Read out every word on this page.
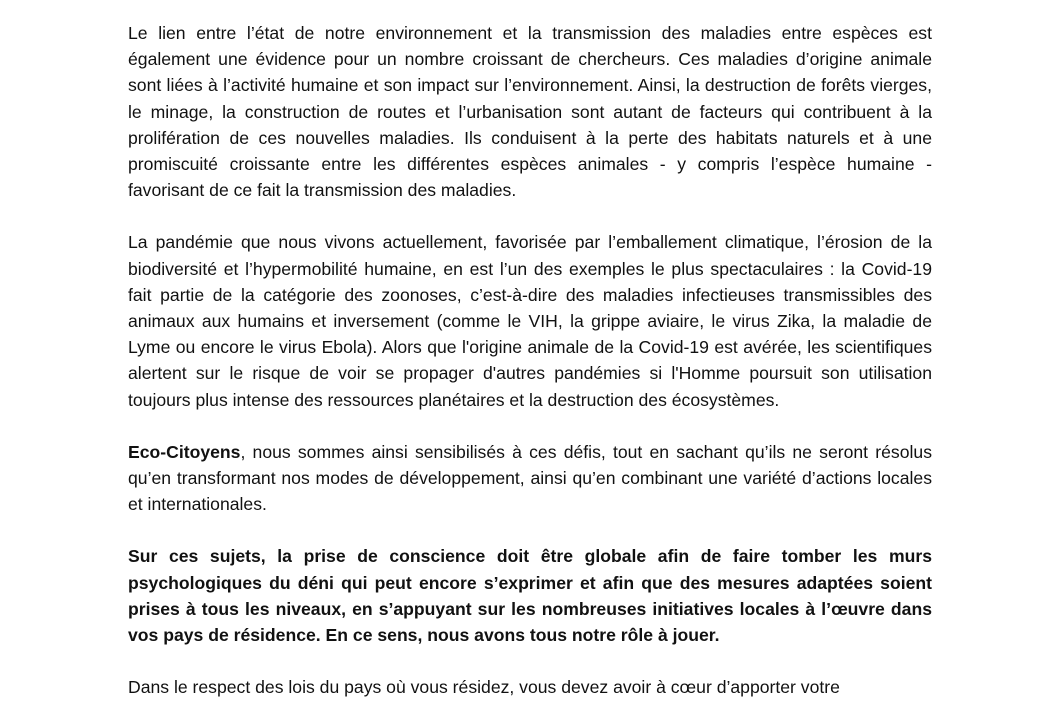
Le lien entre l’état de notre environnement et la transmission des maladies entre espèces est également une évidence pour un nombre croissant de chercheurs. Ces maladies d’origine animale sont liées à l’activité humaine et son impact sur l’environnement. Ainsi, la destruction de forêts vierges, le minage, la construction de routes et l’urbanisation sont autant de facteurs qui contribuent à la prolifération de ces nouvelles maladies. Ils conduisent à la perte des habitats naturels et à une promiscuité croissante entre les différentes espèces animales - y compris l’espèce humaine - favorisant de ce fait la transmission des maladies.

La pandémie que nous vivons actuellement, favorisée par l’emballement climatique, l’érosion de la biodiversité et l’hypermobilité humaine, en est l’un des exemples le plus spectaculaires : la Covid-19 fait partie de la catégorie des zoonoses, c’est-à-dire des maladies infectieuses transmissibles des animaux aux humains et inversement (comme le VIH, la grippe aviaire, le virus Zika, la maladie de Lyme ou encore le virus Ebola). Alors que l'origine animale de la Covid-19 est avérée, les scientifiques alertent sur le risque de voir se propager d'autres pandémies si l'Homme poursuit son utilisation toujours plus intense des ressources planétaires et la destruction des écosystèmes.

Eco-Citoyens, nous sommes ainsi sensibilisés à ces défis, tout en sachant qu’ils ne seront résolus qu’en transformant nos modes de développement, ainsi qu’en combinant une variété d’actions locales et internationales.

Sur ces sujets, la prise de conscience doit être globale afin de faire tomber les murs psychologiques du déni qui peut encore s’exprimer et afin que des mesures adaptées soient prises à tous les niveaux, en s’appuyant sur les nombreuses initiatives locales à l’œuvre dans vos pays de résidence. En ce sens, nous avons tous notre rôle à jouer.

Dans le respect des lois du pays où vous résidez, vous devez avoir à cœur d’apporter votre
